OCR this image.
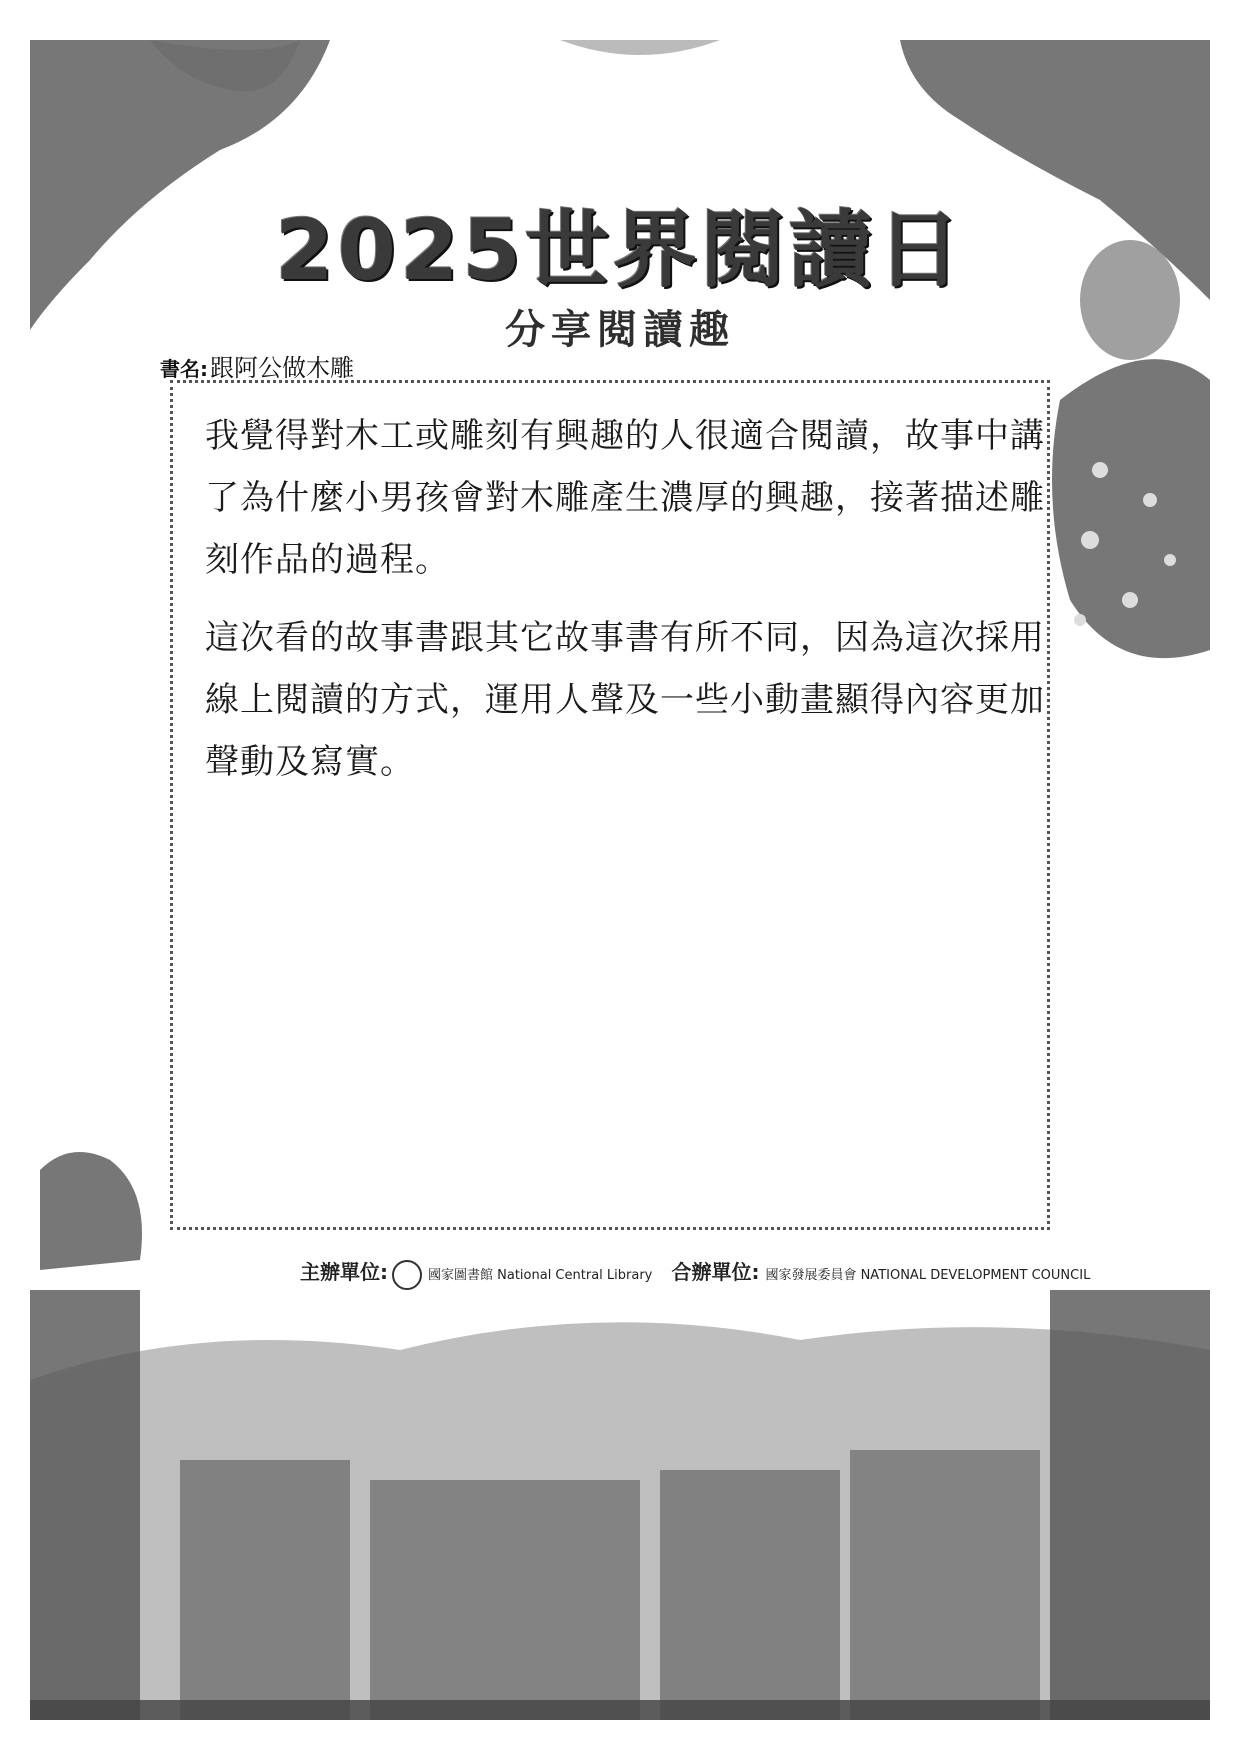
2025世界閱讀日
分享閱讀趣
書名:跟阿公做木雕

我覺得對木工或雕刻有興趣的人很適合閱讀，故事中講了為什麼小男孩會對木雕產生濃厚的興趣，接著描述雕刻作品的過程。

這次看的故事書跟其它故事書有所不同，因為這次採用線上閱讀的方式，運用人聲及一些小動畫顯得內容更加聲動及寫實。

主辦單位:	國家圖書館 National Central Library 合辦單位: 國家發展委員會 NATIONAL DEVELOPMENT COUNCIL
